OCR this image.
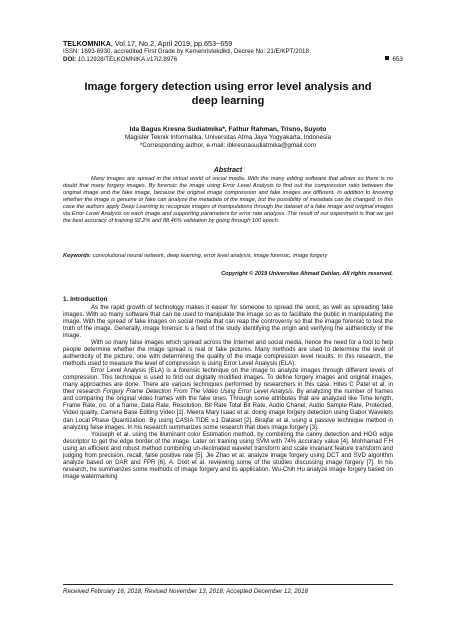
TELKOMNIKA, Vol.17, No.2, April 2019, pp.653~659
ISSN: 1693-6930, accredited First Grade by Kemenristekdikti, Decree No: 21/E/KPT/2018
DOI: 10.12928/TELKOMNIKA.v17i2.8976	653
Image forgery detection using error level analysis and
deep learning
Ida Bagus Kresna Sudiatmika*, Fathur Rahman, Trisno, Suyoto
Magister Teknik Informatika, Universitas Atma Jaya Yogyakarta, Indonesia
*Corresponding author, e-mail: ibkresnasudiatmika@gmail.com
Abstract
Many images are spread in the virtual world of social media. With the many editing software that allows so there is no doubt that many forgery images. By forensic the image using Error Level Analysis to find out the compression ratio between the original image and the fake image, because the original image compression and fake images are different. In addition to knowing whether the image is genuine or fake can analyze the metadata of the image, but the possibility of metadata can be changed. In this case the authors apply Deep Learning to recognize images of manipulations through the dataset of a fake image and original images via Error Level Analysis on each image and supporting parameters for error rate analysis. The result of our experiment is that we get the best accuracy of training 92.2% and 88.46% validation by going through 100 epoch.
Keywords: convolutional neural network, deep learning, error level analysis, image forensic, image forgery
Copyright © 2019 Universitas Ahmad Dahlan. All rights reserved.
1. Introduction

As the rapid growth of technology makes it easier for someone to spread the word, as well as spreading fake images. With so many software that can be used to manipulate the image so as to facilitate the public in manipulating the image. With the spread of fake images on social media that can reap the controversy so that the image forensic to test the truth of the image. Generally, image forensic is a field of the study identifying the origin and verifying the authenticity of the image.

With so many false images which spread across the Internet and social media, hence the need for a tool to help people determine whether the image spread is real or fake pictures. Many methods are used to determine the level of authenticity of the picture, one with determining the quality of the image compression level results. In this research, the methods used to measure the level of compression is using Error Level Analysis (ELA).

Error Level Analysis (ELA) is a forensic technique on the image to analyze images through different levels of compression. This technique is used to find out digitally modified images. To define forgery images and original images, many approaches are done. There are various techniques performed by researchers in this case. Hites C Patel et al. in their research Forgery Frame Detection From The Video Using Error Level Analysis. By analyzing the number of frames and comparing the original video frames with the fake ones. Through some attributes that are analyzed like Time length, Frame Rate, no. of a frame, Data Rate, Resolution, Bit Rate Total Bit Rate, Audio Chanel, Audio Sample Rate, Protected, Video quality, Camera Base Editing Video [1]. Meera Mary Isaac et al. doing image forgery detection using Gabor Wavelets dan Local Phase Quantization. By using CASIA TIDE v.1 Dataset [2]. Birajfar et al. using a passive technique method in analyzing false images. In his research summarizes some research that does image forgery [3].

Youseph et al. using the illuminant color Estimation method, by combining the canny detection and HOG edge descriptor to get the edge border of the image. Later on training using SVM with 74% accuracy value [4]. Mohhamad F.H using an efficient and robust method combining un-decimated wavelet transform and scale invariant feature transform and judging from precision, recall, false positive rate [5]. Jie Zhao et al. analyze image forgery using DCT and SVD algorithm analyze based on DAR and FPR [6]. A. Dixit et al. reviewing some of the studies discussing image forgery [7]. In his research, he summarizes some methods of image forgery and its application. Wu-Chih Hu analyze image forgery based on image watermarking

Received February 16, 2018; Revised November 13, 2018; Accepted December 12, 2018
